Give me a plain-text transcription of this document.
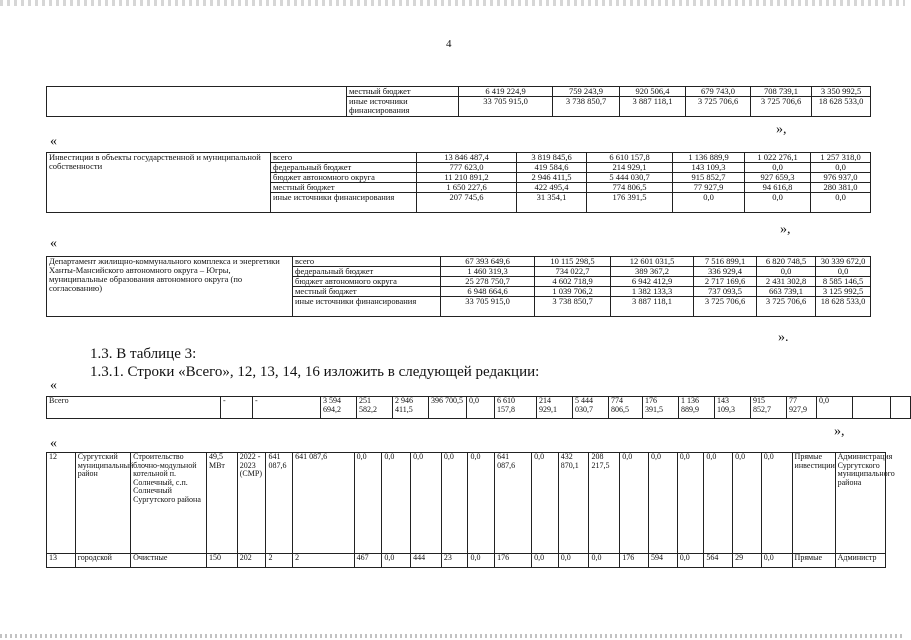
4
	местный бюджет	6 419 224,9	759 243,9	920 506,4	679 743,0	708 739,1	3 350 992,5
	иные источники финансирования	33 705 915,0	3 738 850,7	3 887 118,1	3 725 706,6	3 725 706,6	18 628 533,0
»,
«
Инвестиции в объекты государственной и муниципальной собственности	всего	13 846 487,4	3 819 845,6	6 610 157,8	1 136 889,9	1 022 276,1	1 257 318,0
	федеральный бюджет	777 623,0	419 584,6	214 929,1	143 109,3	0,0	0,0
	бюджет автономного округа	11 210 891,2	2 946 411,5	5 444 030,7	915 852,7	927 659,3	976 937,0
	местный бюджет	1 650 227,6	422 495,4	774 806,5	77 927,9	94 616,8	280 381,0
	иные источники финансирования	207 745,6	31 354,1	176 391,5	0,0	0,0	0,0
»,
«
Департамент жилищно-коммунального комплекса и энергетики Ханты-Мансийского автономного округа – Югры, муниципальные образования автономного округа (по согласованию)	всего	67 393 649,6	10 115 298,5	12 601 031,5	7 516 899,1	6 820 748,5	30 339 672,0
	федеральный бюджет	1 460 319,3	734 022,7	389 367,2	336 929,4	0,0	0,0
	бюджет автономного округа	25 278 750,7	4 602 718,9	6 942 412,9	2 717 169,6	2 431 302,8	8 585 146,5
	местный бюджет	6 948 664,6	1 039 706,2	1 382 133,3	737 093,5	663 739,1	3 125 992,5
	иные источники финансирования	33 705 915,0	3 738 850,7	3 887 118,1	3 725 706,6	3 725 706,6	18 628 533,0
».
1.3. В таблице 3:
1.3.1. Строки «Всего», 12, 13, 14, 16 изложить в следующей редакции:
«
Всего	-	-	3 594 694,2	251 582,2	2 946 411,5	396 700,5	0,0	6 610 157,8	214 929,1	5 444 030,7	774 806,5	176 391,5	1 136 889,9	143 109,3	915 852,7	77 927,9	0,0		
»,
«
12	Сургутский муниципальный район	Строительство блочно-модульной котельной п. Солнечный, с.п. Солнечный Сургутского района	49,5 МВт	2022 - 2023 (СМР)	641 087,6	641 087,6	0,0	0,0	0,0	0,0	0,0	641 087,6	0,0	432 870,1	208 217,5	0,0	0,0	0,0	0,0	0,0	0,0	Прямые инвестиции	Администрация Сургутского муниципального района
13	городской	Очистные	150	202	2	2	467	0,0	444	23	0,0	176	0,0	0,0	0,0	176	594	0,0	564	29	0,0	Прямые	Администр
